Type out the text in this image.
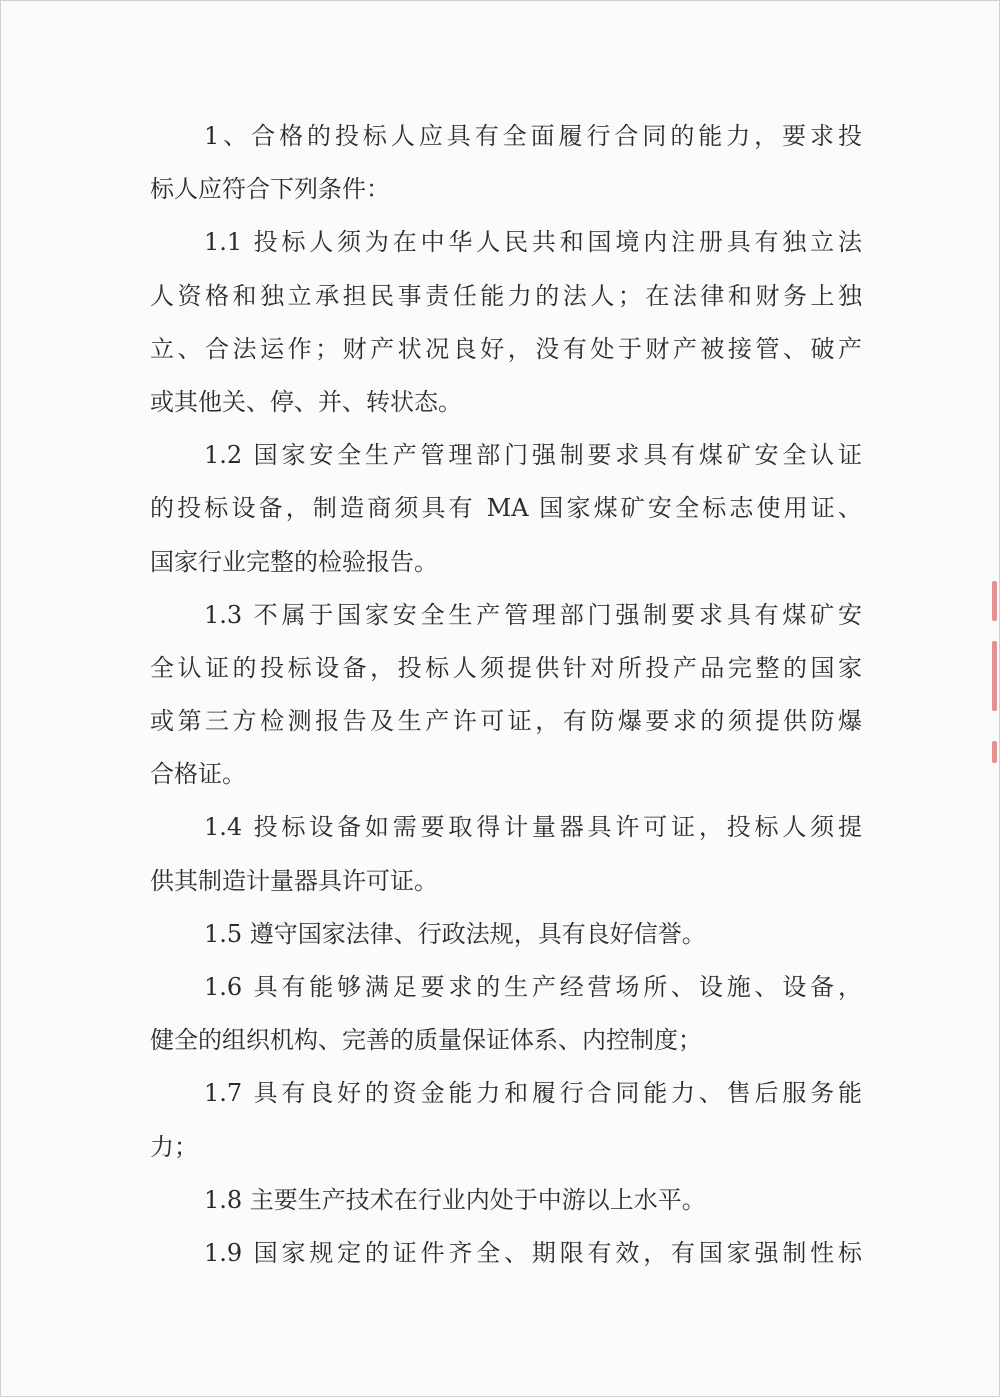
1、合格的投标人应具有全面履行合同的能力，要求投
标人应符合下列条件：
1.1 投标人须为在中华人民共和国境内注册具有独立法
人资格和独立承担民事责任能力的法人；在法律和财务上独
立、合法运作；财产状况良好，没有处于财产被接管、破产
或其他关、停、并、转状态。
1.2 国家安全生产管理部门强制要求具有煤矿安全认证
的投标设备，制造商须具有 MA 国家煤矿安全标志使用证、
国家行业完整的检验报告。
1.3 不属于国家安全生产管理部门强制要求具有煤矿安
全认证的投标设备，投标人须提供针对所投产品完整的国家
或第三方检测报告及生产许可证，有防爆要求的须提供防爆
合格证。
1.4 投标设备如需要取得计量器具许可证，投标人须提
供其制造计量器具许可证。
1.5 遵守国家法律、行政法规，具有良好信誉。
1.6 具有能够满足要求的生产经营场所、设施、设备，
健全的组织机构、完善的质量保证体系、内控制度；
1.7 具有良好的资金能力和履行合同能力、售后服务能
力；
1.8 主要生产技术在行业内处于中游以上水平。
1.9 国家规定的证件齐全、期限有效，有国家强制性标
